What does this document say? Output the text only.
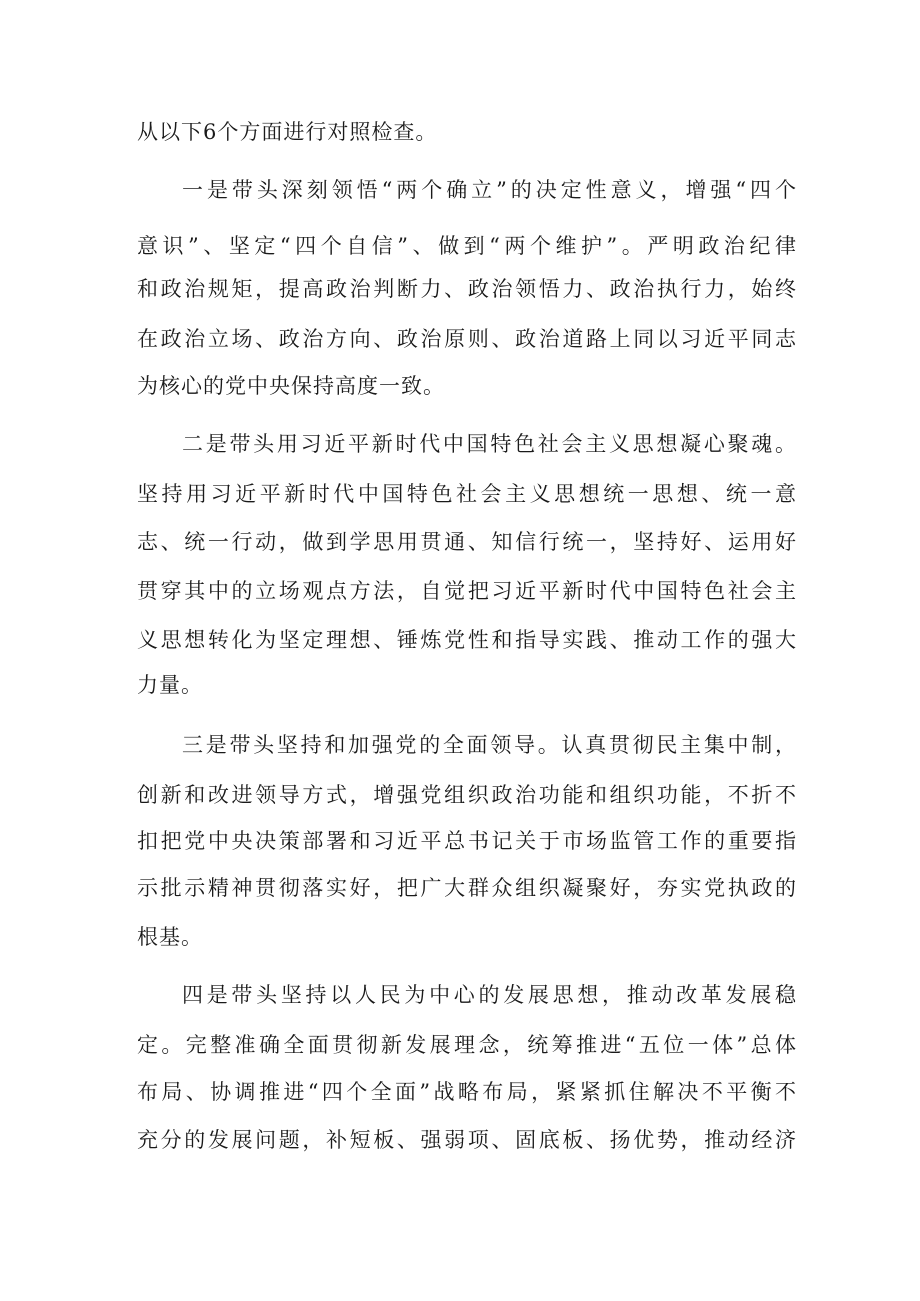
从以下6个方面进行对照检查。

一是带头深刻领悟“两个确立”的决定性意义，增强“四个

意识”、坚定“四个自信”、做到“两个维护”。严明政治纪律

和政治规矩，提高政治判断力、政治领悟力、政治执行力，始终

在政治立场、政治方向、政治原则、政治道路上同以习近平同志

为核心的党中央保持高度一致。

二是带头用习近平新时代中国特色社会主义思想凝心聚魂。

坚持用习近平新时代中国特色社会主义思想统一思想、统一意

志、统一行动，做到学思用贯通、知信行统一，坚持好、运用好

贯穿其中的立场观点方法，自觉把习近平新时代中国特色社会主

义思想转化为坚定理想、锤炼党性和指导实践、推动工作的强大

力量。

三是带头坚持和加强党的全面领导。认真贯彻民主集中制，

创新和改进领导方式，增强党组织政治功能和组织功能，不折不

扣把党中央决策部署和习近平总书记关于市场监管工作的重要指

示批示精神贯彻落实好，把广大群众组织凝聚好，夯实党执政的

根基。

四是带头坚持以人民为中心的发展思想，推动改革发展稳

定。完整准确全面贯彻新发展理念，统筹推进“五位一体”总体

布局、协调推进“四个全面”战略布局，紧紧抓住解决不平衡不

充分的发展问题，补短板、强弱项、固底板、扬优势，推动经济
